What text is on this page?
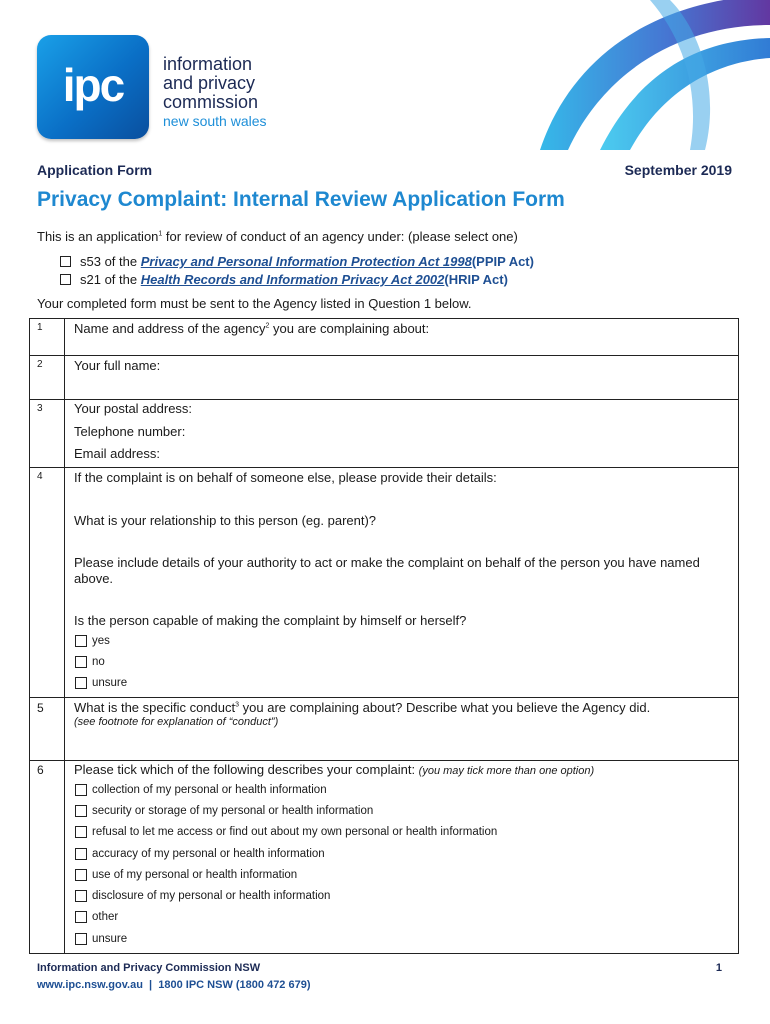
ipc	information
and privacy
commission
new south wales
Application Form	September 2019
Privacy Complaint: Internal Review Application Form
This is an application$^1$ for review of conduct of an agency under: (please select one)
s53 of the Privacy and Personal Information Protection Act 1998 (PPIP Act)
s21 of the Health Records and Information Privacy Act 2002 (HRIP Act)
Your completed form must be sent to the Agency listed in Question 1 below.
1 Name and address of the agency$^2$ you are complaining about:
2 Your full name:
3 Your postal address:
Telephone number:
Email address:
4 If the complaint is on behalf of someone else, please provide their details:
What is your relationship to this person (eg. parent)?
Please include details of your authority to act or make the complaint on behalf of the person you have named above.
Is the person capable of making the complaint by himself or herself?
yes
no
unsure
5 What is the specific conduct$^3$ you are complaining about? Describe what you believe the Agency did.
(see footnote for explanation of “conduct”)
6 Please tick which of the following describes your complaint: (you may tick more than one option)
collection of my personal or health information
security or storage of my personal or health information
refusal to let me access or find out about my own personal or health information
accuracy of my personal or health information
use of my personal or health information
disclosure of my personal or health information
other
unsure
Information and Privacy Commission NSW	1
www.ipc.nsw.gov.au  |  1800 IPC NSW (1800 472 679)
